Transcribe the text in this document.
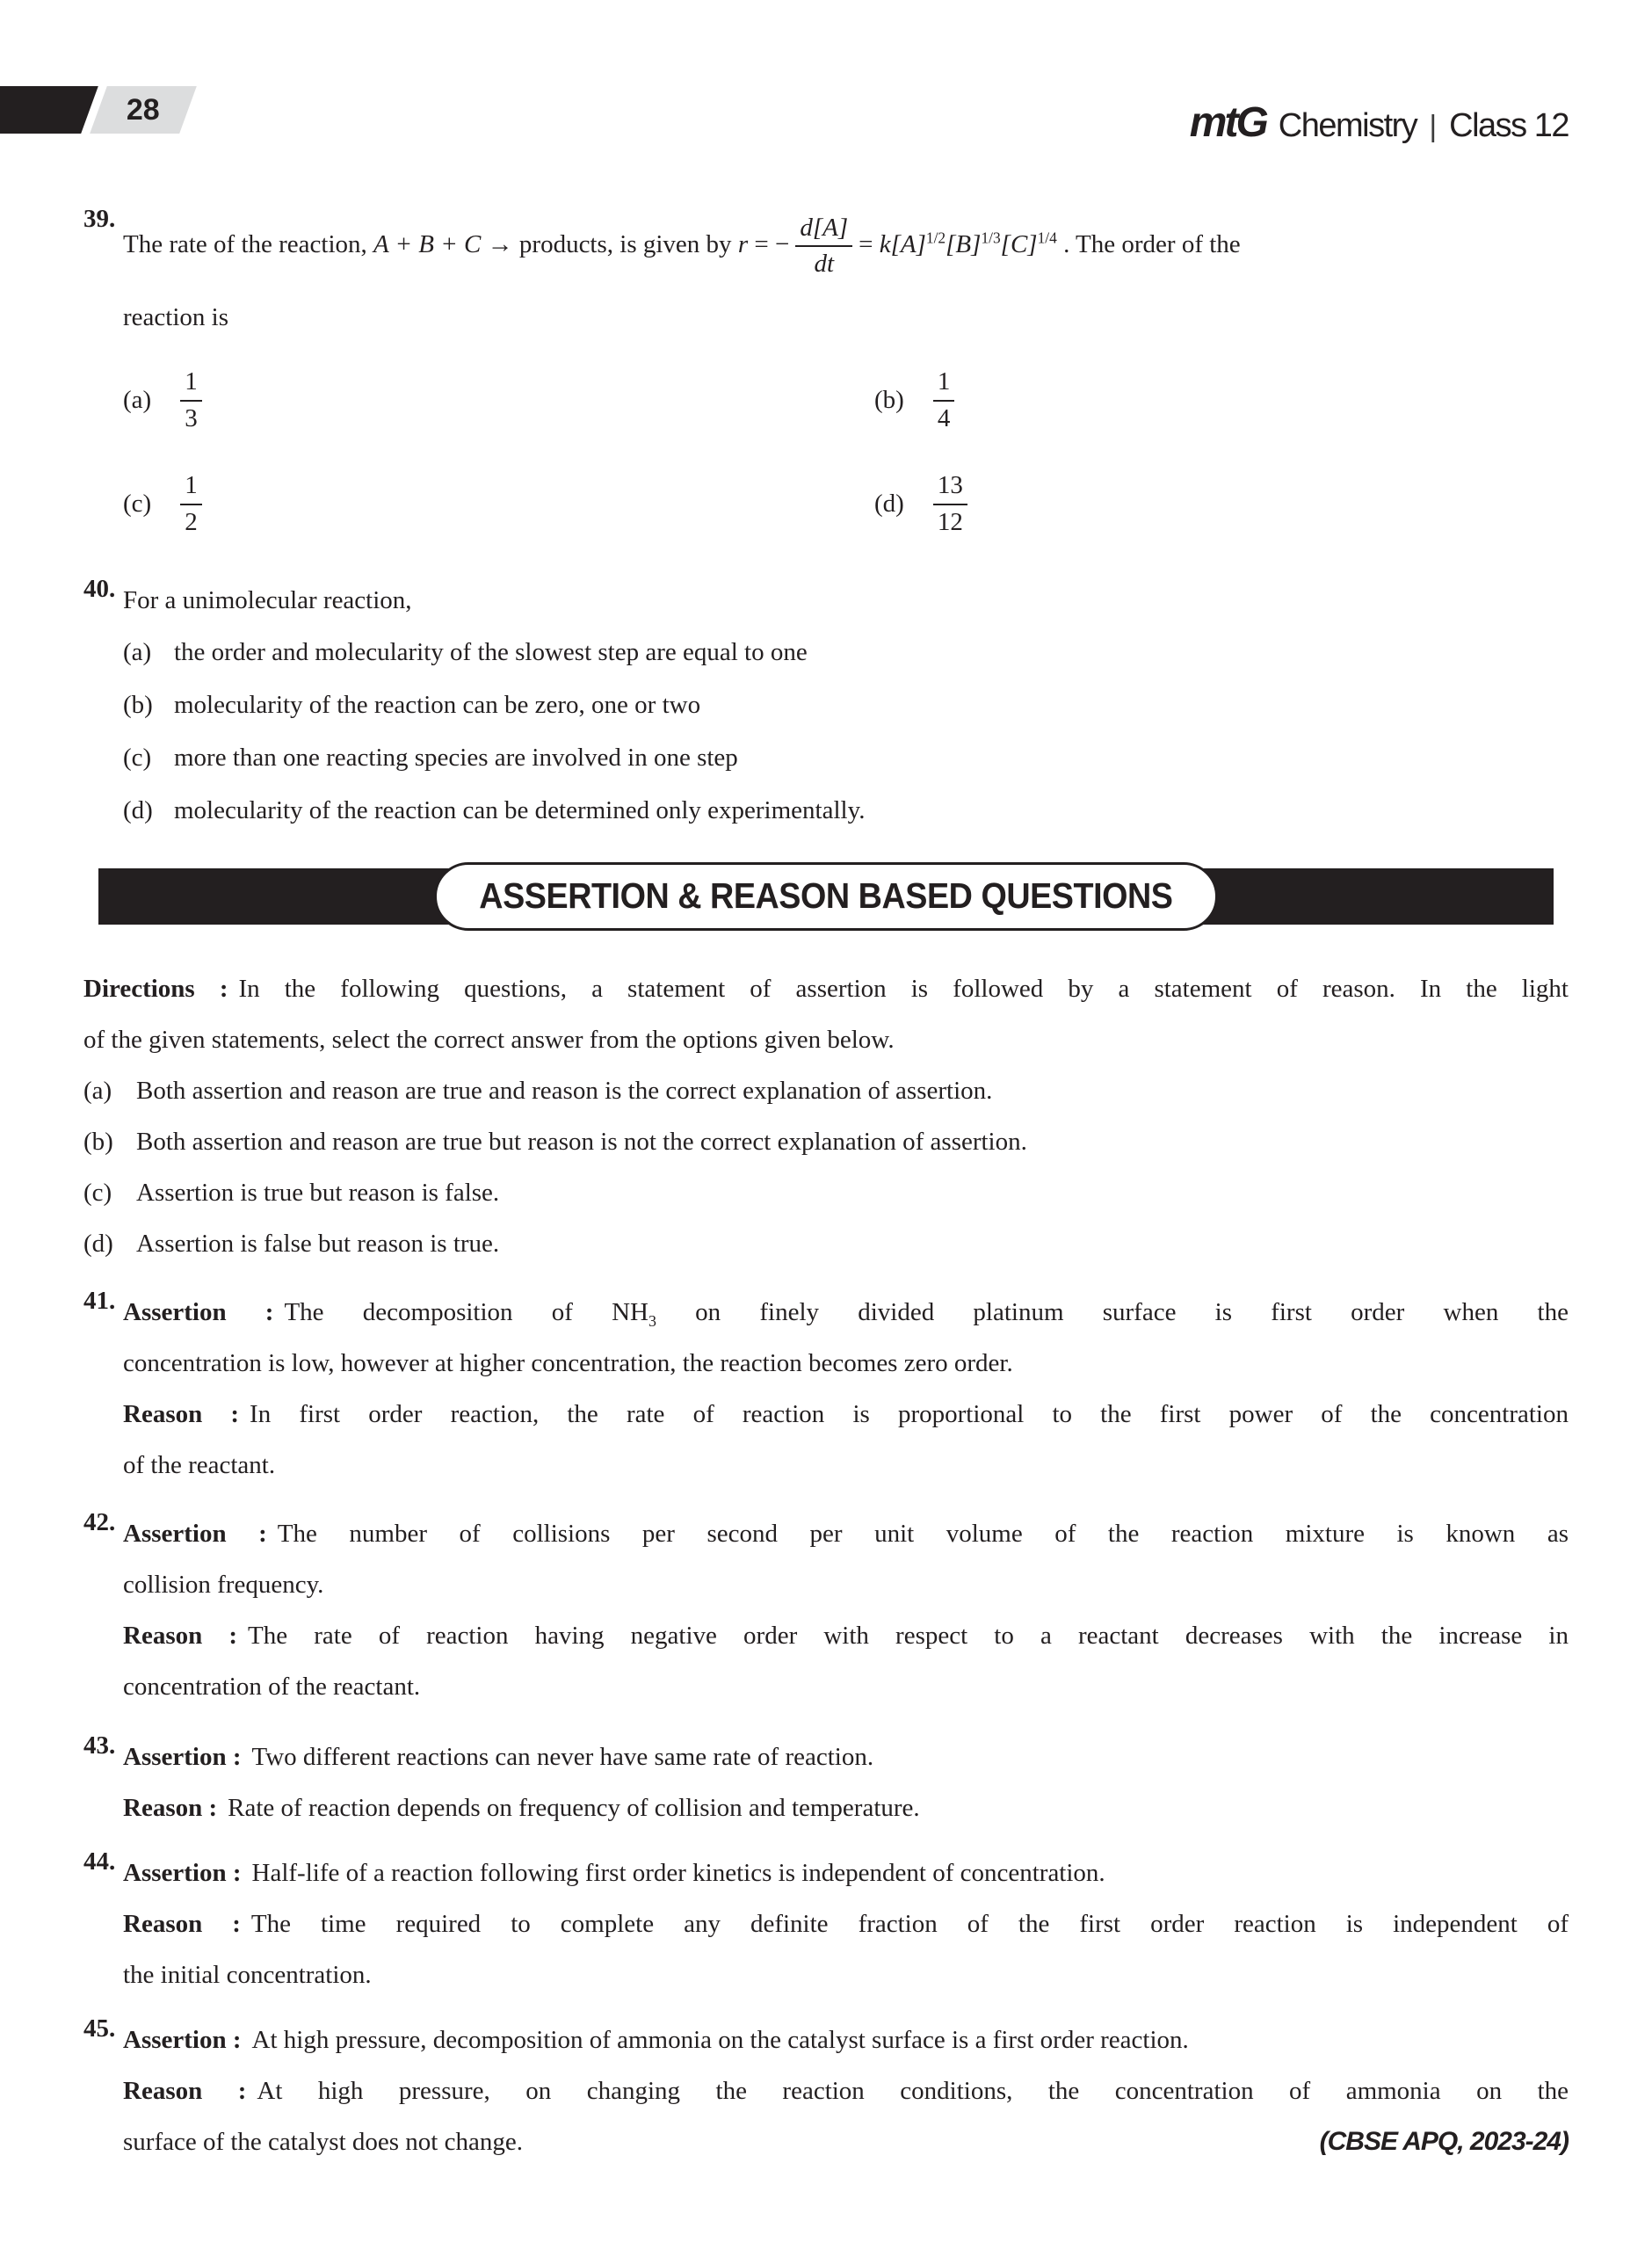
28	mtG Chemistry | Class 12
39.
The rate of the reaction, A + B + C → products, is given by r = − $\frac{d[A]}{dt} = k[A]^{1/2}[B]^{1/3}[C]^{1/4}$ . The order of the
reaction is
$(a) \frac{1}{3}$	$(b) \frac{1}{4}$
$(c) \frac{1}{2}$	$(d) \frac{13}{12}$
40. For a unimolecular reaction,
(a) the order and molecularity of the slowest step are equal to one
(b) molecularity of the reaction can be zero, one or two
(c) more than one reacting species are involved in one step
(d) molecularity of the reaction can be determined only experimentally.
ASSERTION & REASON BASED QUESTIONS
Directions : In the following questions, a statement of assertion is followed by a statement of reason. In the light
of the given statements, select the correct answer from the options given below.
(a) Both assertion and reason are true and reason is the correct explanation of assertion.
(b) Both assertion and reason are true but reason is not the correct explanation of assertion.
(c) Assertion is true but reason is false.
(d) Assertion is false but reason is true.
41. Assertion : The decomposition of $NH_3$ on finely divided platinum surface is first order when the
concentration is low, however at higher concentration, the reaction becomes zero order.
Reason : In first order reaction, the rate of reaction is proportional to the first power of the concentration
of the reactant.
42. Assertion : The number of collisions per second per unit volume of the reaction mixture is known as
collision frequency.
Reason : The rate of reaction having negative order with respect to a reactant decreases with the increase in
concentration of the reactant.
43. Assertion : Two different reactions can never have same rate of reaction.
Reason : Rate of reaction depends on frequency of collision and temperature.
44. Assertion : Half-life of a reaction following first order kinetics is independent of concentration.
Reason : The time required to complete any definite fraction of the first order reaction is independent of
the initial concentration.
45. Assertion : At high pressure, decomposition of ammonia on the catalyst surface is a first order reaction.
Reason : At high pressure, on changing the reaction conditions, the concentration of ammonia on the
surface of the catalyst does not change.	(CBSE APQ, 2023-24)
